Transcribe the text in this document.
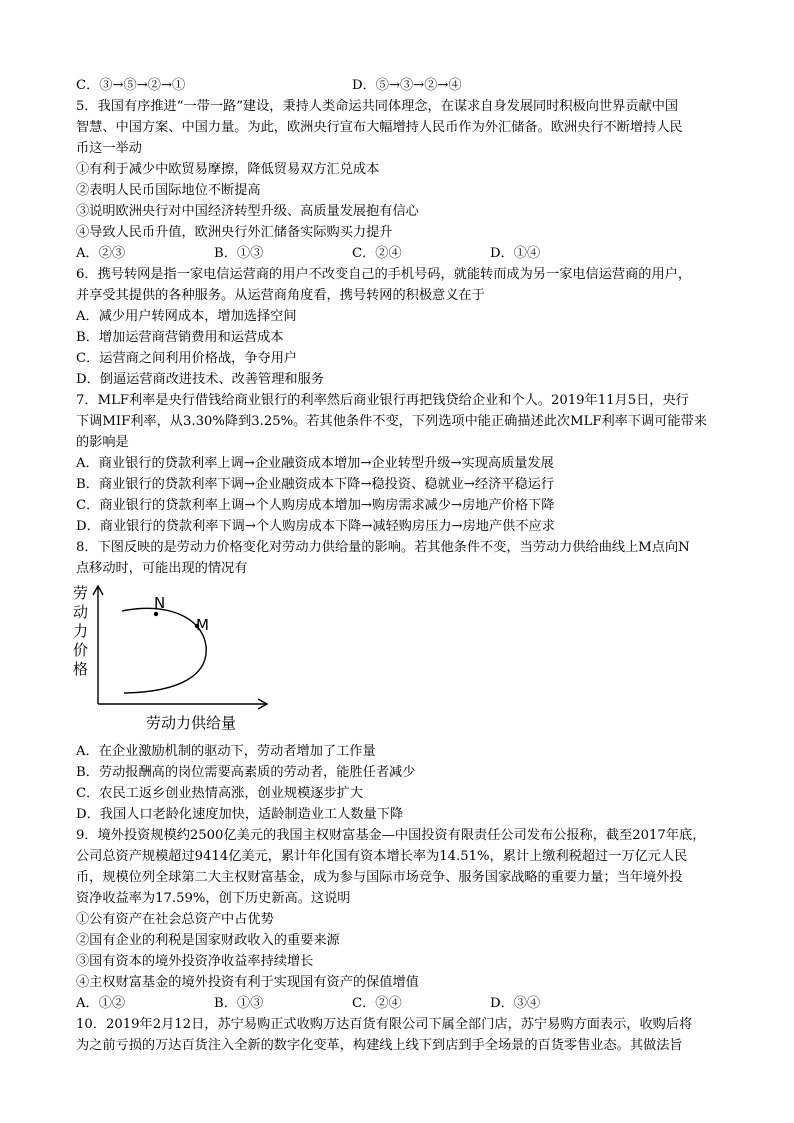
C．③→⑤→②→①	D．⑤→③→②→④
5．我国有序推进“一带一路”建设，秉持人类命运共同体理念，在谋求自身发展同时积极向世界贡献中国
智慧、中国方案、中国力量。为此，欧洲央行宣布大幅增持人民币作为外汇储备。欧洲央行不断增持人民
币这一举动
①有利于减少中欧贸易摩擦，降低贸易双方汇兑成本
②表明人民币国际地位不断提高
③说明欧洲央行对中国经济转型升级、高质量发展抱有信心
④导致人民币升值，欧洲央行外汇储备实际购买力提升
A．②③	B．①③	C．②④	D．①④
6．携号转网是指一家电信运营商的用户不改变自己的手机号码，就能转而成为另一家电信运营商的用户，
并享受其提供的各种服务。从运营商角度看，携号转网的积极意义在于
A．减少用户转网成本，增加选择空间
B．增加运营商营销费用和运营成本
C．运营商之间利用价格战，争夺用户
D．倒逼运营商改进技术、改善管理和服务
7．MLF利率是央行借钱给商业银行的利率然后商业银行再把钱贷给企业和个人。2019年11月5日，央行
下调MIF利率，从3.30%降到3.25%。若其他条件不变，下列选项中能正确描述此次MLF利率下调可能带来
的影响是
A．商业银行的贷款利率上调→企业融资成本增加→企业转型升级→实现高质量发展
B．商业银行的贷款利率下调→企业融资成本下降→稳投资、稳就业→经济平稳运行
C．商业银行的贷款利率上调→个人购房成本增加→购房需求减少→房地产价格下降
D．商业银行的贷款利率下调→个人购房成本下降→减轻购房压力→房地产供不应求
8．下图反映的是劳动力价格变化对劳动力供给量的影响。若其他条件不变，当劳动力供给曲线上M点向N
点移动时，可能出现的情况有
劳
动
力
价
格
N
M
劳动力供给量
A．在企业激励机制的驱动下，劳动者增加了工作量
B．劳动报酬高的岗位需要高素质的劳动者，能胜任者减少
C．农民工返乡创业热情高涨，创业规模逐步扩大
D．我国人口老龄化速度加快，适龄制造业工人数量下降
9．境外投资规模约2500亿美元的我国主权财富基金—中国投资有限责任公司发布公报称，截至2017年底，
公司总资产规模超过9414亿美元，累计年化国有资本增长率为14.51%，累计上缴利税超过一万亿元人民
币，规模位列全球第二大主权财富基金，成为参与国际市场竞争、服务国家战略的重要力量；当年境外投
资净收益率为17.59%，创下历史新高。这说明
①公有资产在社会总资产中占优势
②国有企业的利税是国家财政收入的重要来源
③国有资本的境外投资净收益率持续增长
④主权财富基金的境外投资有利于实现国有资产的保值增值
A．①②	B．①③	C．②④	D．③④
10．2019年2月12日，苏宁易购正式收购万达百货有限公司下属全部门店，苏宁易购方面表示，收购后将
为之前亏损的万达百货注入全新的数字化变革，构建线上线下到店到手全场景的百货零售业态。其做法旨
